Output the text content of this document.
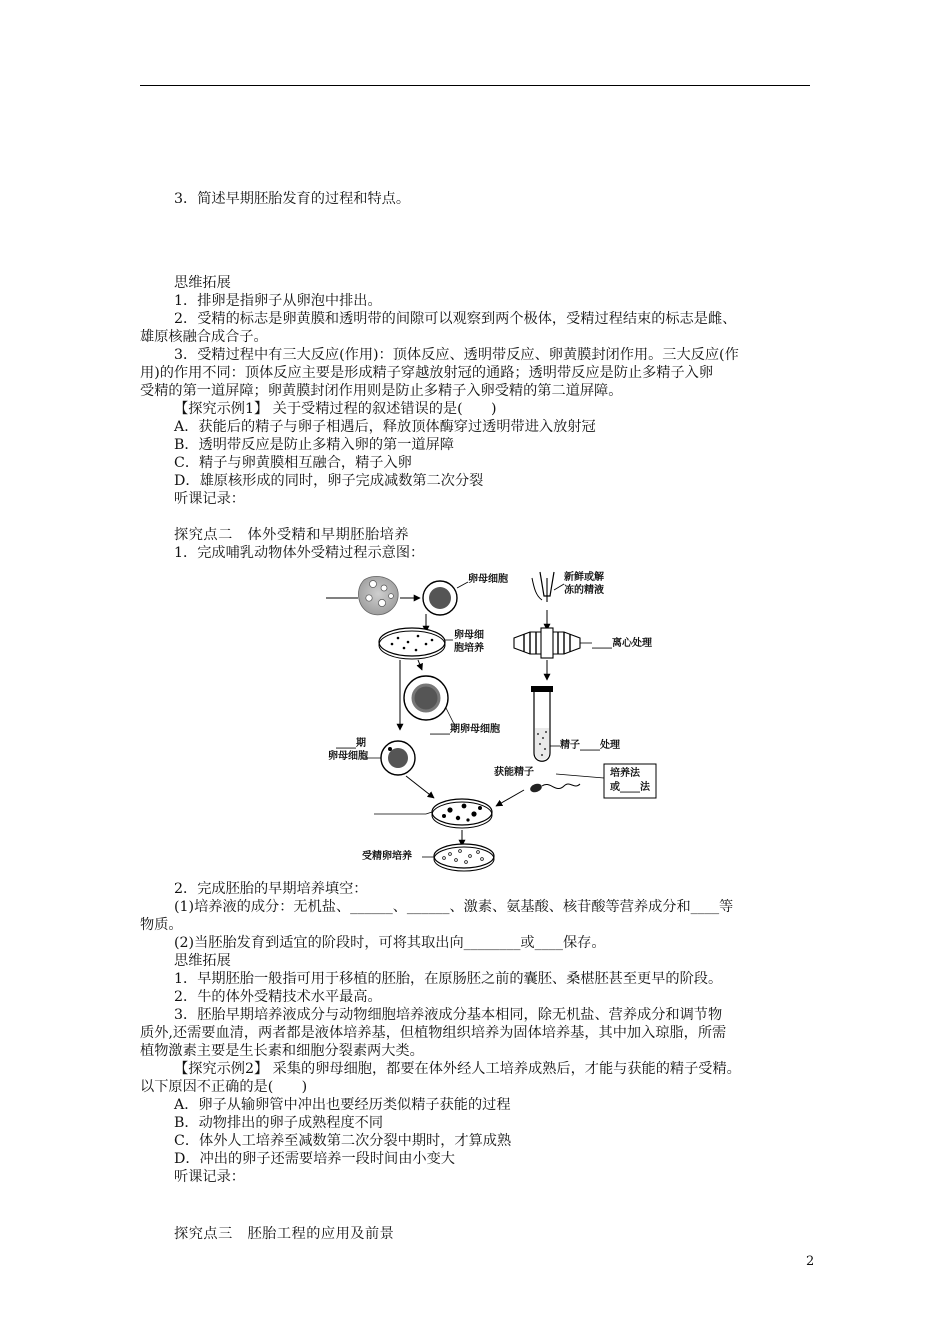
3．简述早期胚胎发育的过程和特点。
思维拓展
1．排卵是指卵子从卵泡中排出。
2．受精的标志是卵黄膜和透明带的间隙可以观察到两个极体，受精过程结束的标志是雌、
雄原核融合成合子。
3．受精过程中有三大反应(作用)：顶体反应、透明带反应、卵黄膜封闭作用。三大反应(作
用)的作用不同：顶体反应主要是形成精子穿越放射冠的通路；透明带反应是防止多精子入卵
受精的第一道屏障；卵黄膜封闭作用则是防止多精子入卵受精的第二道屏障。
【探究示例1】 关于受精过程的叙述错误的是(　　)
A．获能后的精子与卵子相遇后，释放顶体酶穿过透明带进入放射冠
B．透明带反应是防止多精入卵的第一道屏障
C．精子与卵黄膜相互融合，精子入卵
D．雄原核形成的同时，卵子完成减数第二次分裂
听课记录：
探究点二　体外受精和早期胚胎培养
1．完成哺乳动物体外受精过程示意图：
卵母细胞
卵母细
胞培养
____期卵母细胞
____期
卵母细胞
新鲜或解
冻的精液
____离心处理
精子____处理
获能精子	培养法
或____法
受精卵培养
2．完成胚胎的早期培养填空：
(1)培养液的成分：无机盐、______、______、激素、氨基酸、核苷酸等营养成分和____等
物质。
(2)当胚胎发育到适宜的阶段时，可将其取出向________或____保存。
思维拓展
1．早期胚胎一般指可用于移植的胚胎，在原肠胚之前的囊胚、桑椹胚甚至更早的阶段。
2．牛的体外受精技术水平最高。
3．胚胎早期培养液成分与动物细胞培养液成分基本相同，除无机盐、营养成分和调节物
质外,还需要血清，两者都是液体培养基，但植物组织培养为固体培养基，其中加入琼脂，所需
植物激素主要是生长素和细胞分裂素两大类。
【探究示例2】 采集的卵母细胞，都要在体外经人工培养成熟后，才能与获能的精子受精。
以下原因不正确的是(　　)
A．卵子从输卵管中冲出也要经历类似精子获能的过程
B．动物排出的卵子成熟程度不同
C．体外人工培养至减数第二次分裂中期时，才算成熟
D．冲出的卵子还需要培养一段时间由小变大
听课记录：
探究点三　胚胎工程的应用及前景
2
